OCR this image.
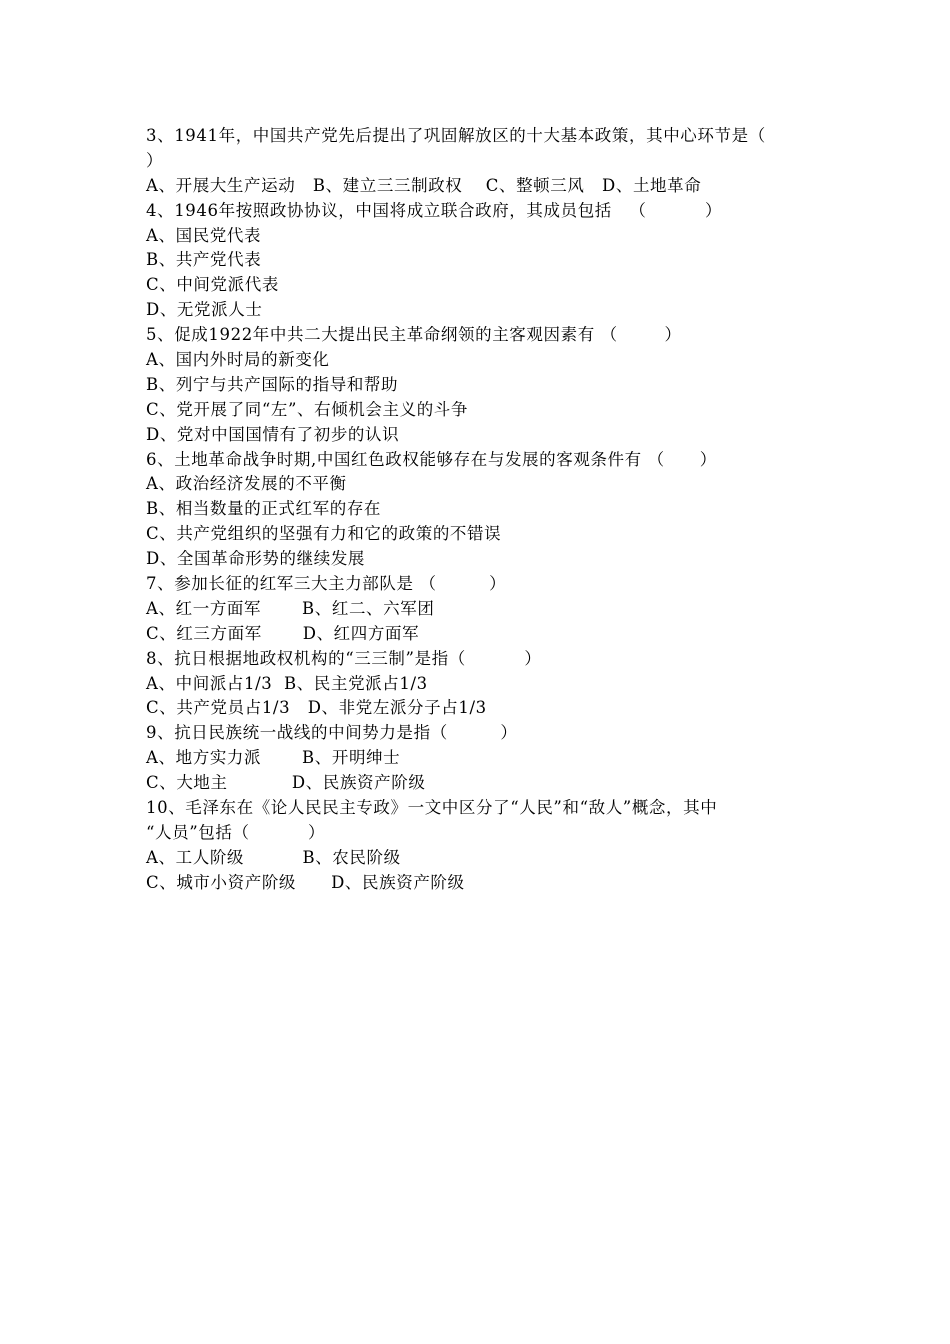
3、1941年，中国共产党先后提出了巩固解放区的十大基本政策，其中心环节是（
）
A、开展大生产运动   B、建立三三制政权    C、整顿三风   D、土地革命
4、1946年按照政协协议，中国将成立联合政府，其成员包括   （          ）
A、国民党代表
B、共产党代表
C、中间党派代表
D、无党派人士
5、促成1922年中共二大提出民主革命纲领的主客观因素有 （        ）
A、国内外时局的新变化
B、列宁与共产国际的指导和帮助
C、党开展了同“左”、右倾机会主义的斗争
D、党对中国国情有了初步的认识
6、土地革命战争时期,中国红色政权能够存在与发展的客观条件有 （      ）
A、政治经济发展的不平衡
B、相当数量的正式红军的存在
C、共产党组织的坚强有力和它的政策的不错误
D、全国革命形势的继续发展
7、参加长征的红军三大主力部队是 （         ）
A、红一方面军       B、红二、六军团
C、红三方面军       D、红四方面军
8、抗日根据地政权机构的“三三制”是指（          ）
A、中间派占1/3  B、民主党派占1/3
C、共产党员占1/3   D、非党左派分子占1/3
9、抗日民族统一战线的中间势力是指（         ）
A、地方实力派       B、开明绅士
C、大地主           D、民族资产阶级
10、毛泽东在《论人民民主专政》一文中区分了“人民”和“敌人”概念，其中
“人员”包括（          ）
A、工人阶级          B、农民阶级
C、城市小资产阶级      D、民族资产阶级
